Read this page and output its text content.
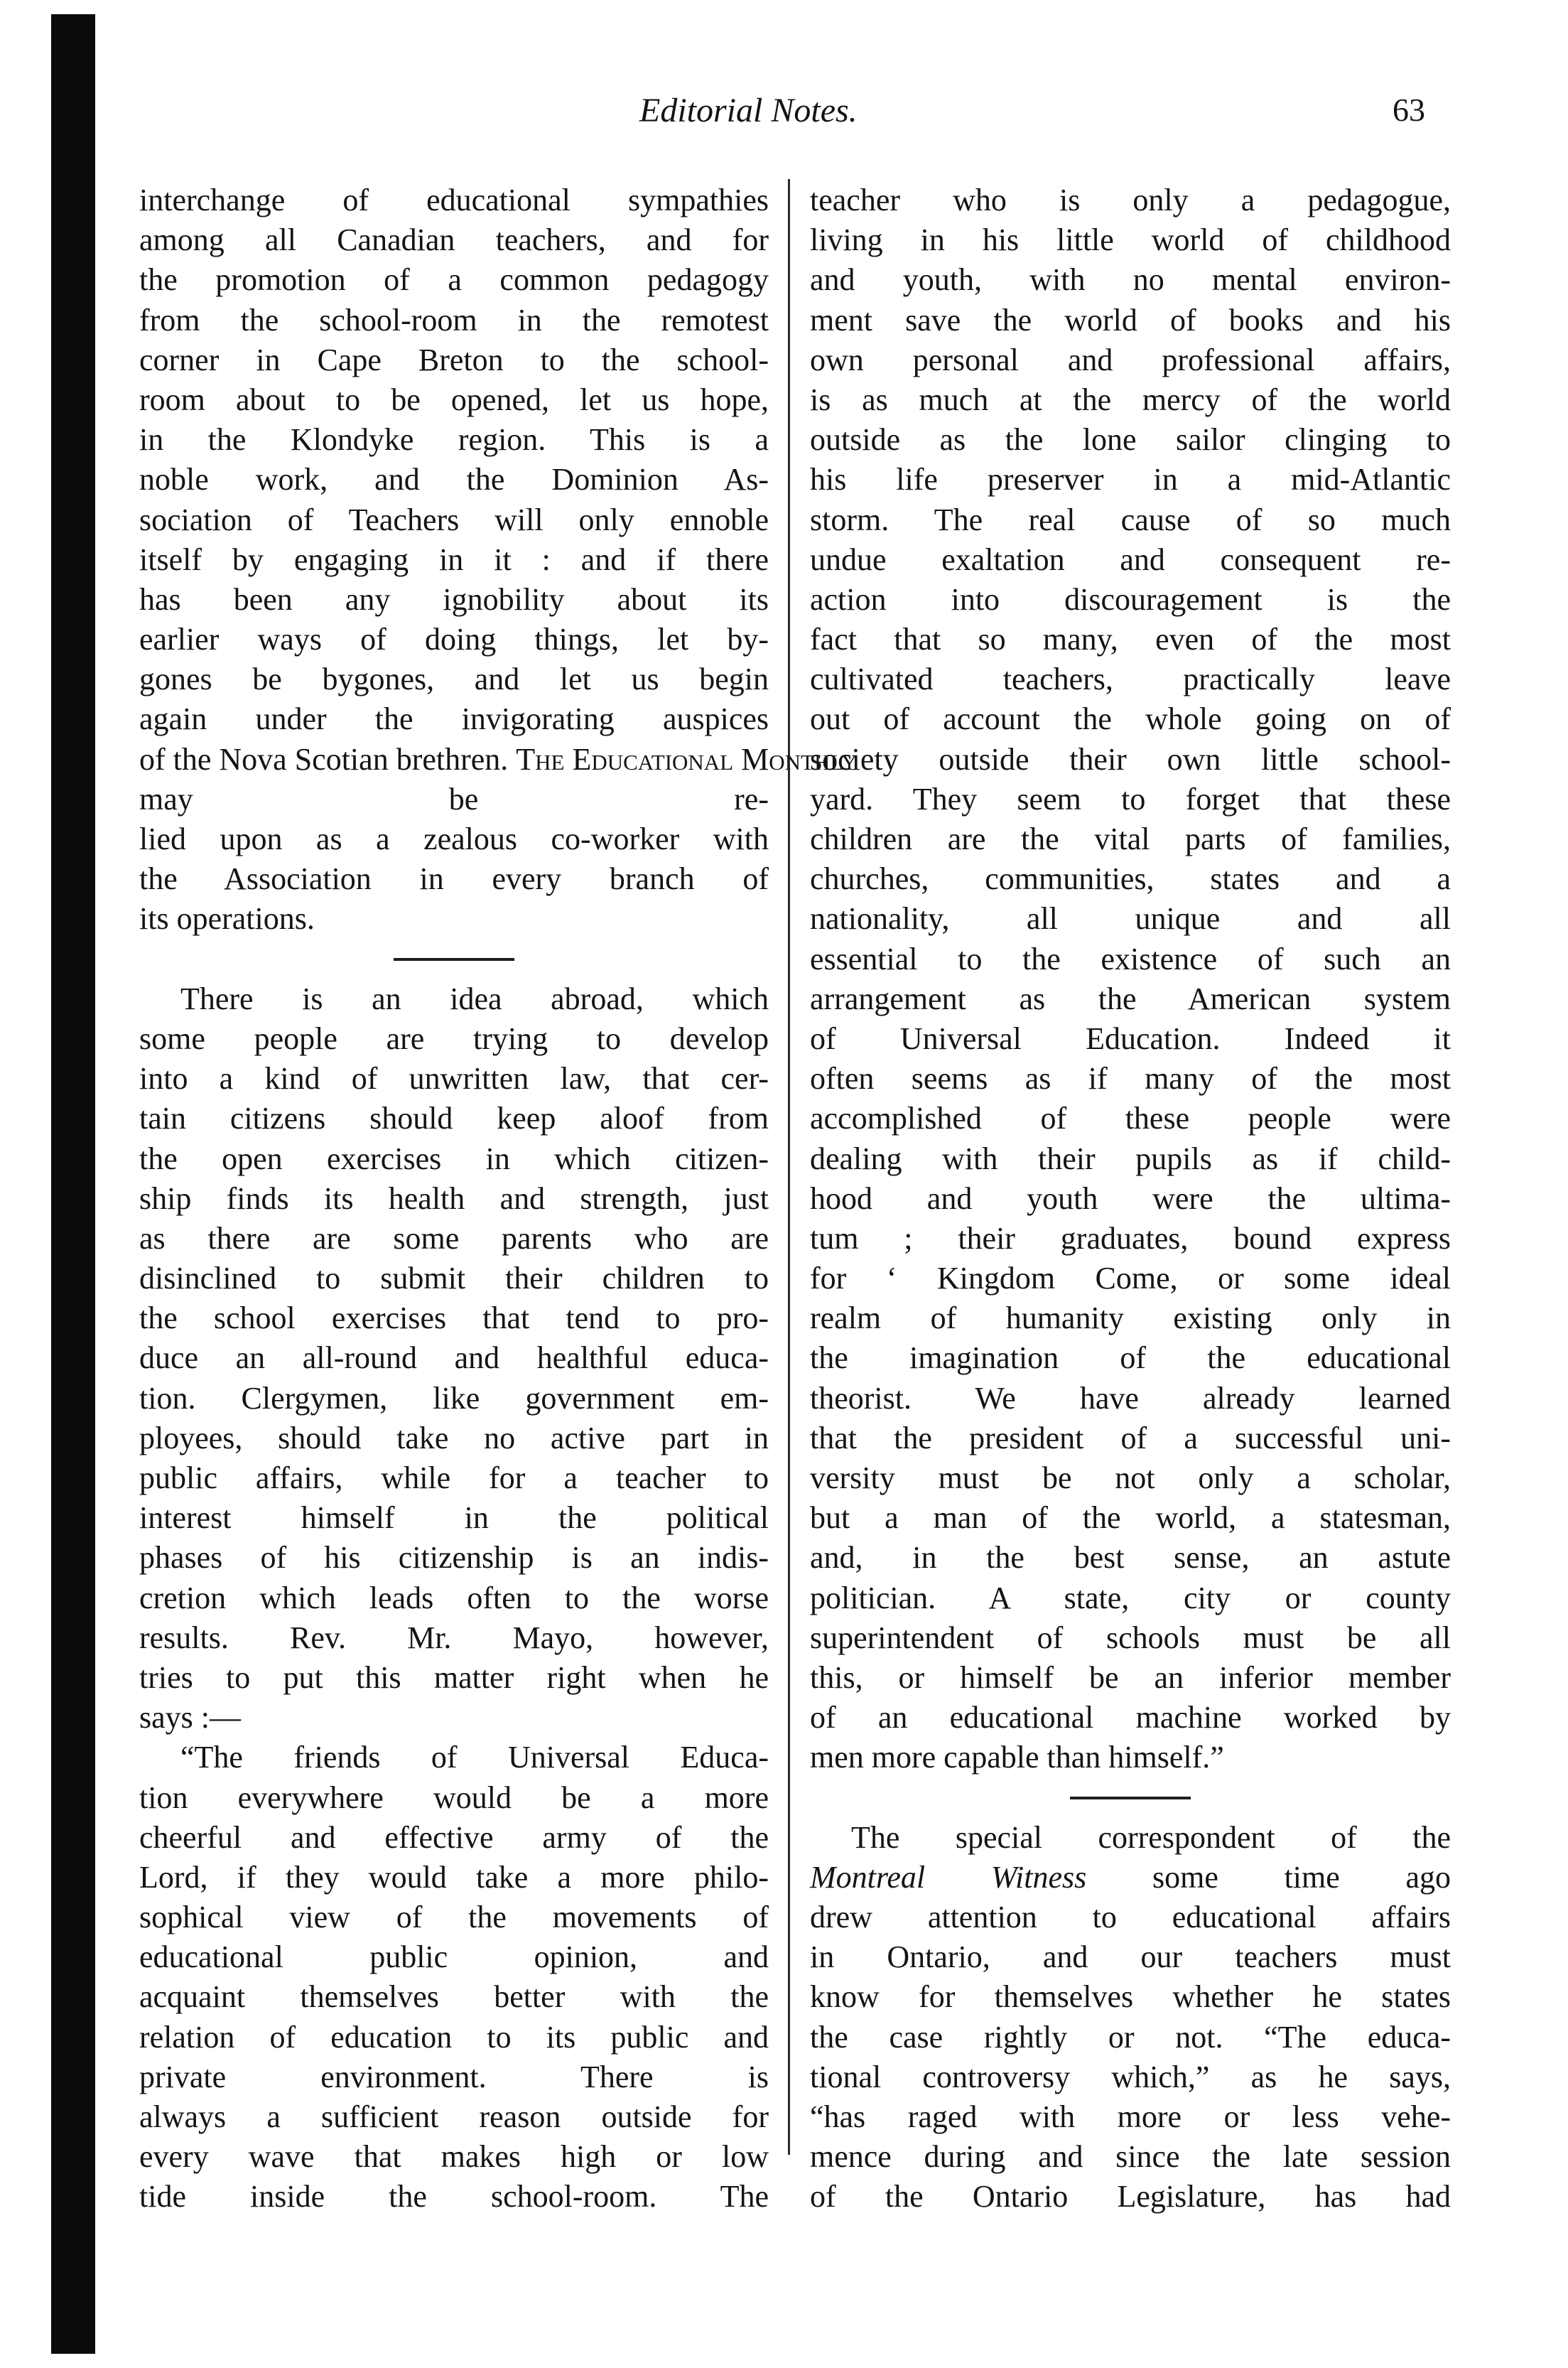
Editorial Notes.	63
interchange of educational sympathies
among all Canadian teachers, and for
the promotion of a common pedagogy
from the school-room in the remotest
corner in Cape Breton to the school-
room about to be opened, let us hope,
in the Klondyke region. This is a
noble work, and the Dominion As-
sociation of Teachers will only ennoble
itself by engaging in it : and if there
has been any ignobility about its
earlier ways of doing things, let by-
gones be bygones, and let us begin
again under the invigorating auspices
of the Nova Scotian brethren. The Educational Monthly
may be re-
lied upon as a zealous co-worker with
the Association in every branch of
its operations.
There is an idea abroad, which
some people are trying to develop
into a kind of unwritten law, that cer-
tain citizens should keep aloof from
the open exercises in which citizen-
ship finds its health and strength, just
as there are some parents who are
disinclined to submit their children to
the school exercises that tend to pro-
duce an all-round and healthful educa-
tion. Clergymen, like government em-
ployees, should take no active part in
public affairs, while for a teacher to
interest himself in the political
phases of his citizenship is an indis-
cretion which leads often to the worse
results. Rev. Mr. Mayo, however,
tries to put this matter right when he
says :—
“The friends of Universal Educa-
tion everywhere would be a more
cheerful and effective army of the
Lord, if they would take a more philo-
sophical view of the movements of
educational public opinion, and
acquaint themselves better with the
relation of education to its public and
private environment. There is
always a sufficient reason outside for
every wave that makes high or low
tide inside the school-room. The
teacher who is only a pedagogue,
living in his little world of childhood
and youth, with no mental environ-
ment save the world of books and his
own personal and professional affairs,
is as much at the mercy of the world
outside as the lone sailor clinging to
his life preserver in a mid-Atlantic
storm. The real cause of so much
undue exaltation and consequent re-
action into discouragement is the
fact that so many, even of the most
cultivated teachers, practically leave
out of account the whole going on of
society outside their own little school-
yard. They seem to forget that these
children are the vital parts of families,
churches, communities, states and a
nationality, all unique and all
essential to the existence of such an
arrangement as the American system
of Universal Education. Indeed it
often seems as if many of the most
accomplished of these people were
dealing with their pupils as if child-
hood and youth were the ultima-
tum ; their graduates, bound express
for ‘ Kingdom Come, or some ideal
realm of humanity existing only in
the imagination of the educational
theorist. We have already learned
that the president of a successful uni-
versity must be not only a scholar,
but a man of the world, a statesman,
and, in the best sense, an astute
politician. A state, city or county
superintendent of schools must be all
this, or himself be an inferior member
of an educational machine worked by
men more capable than himself.”
The special correspondent of the
Montreal Witness some time ago
drew attention to educational affairs
in Ontario, and our teachers must
know for themselves whether he states
the case rightly or not. “The educa-
tional controversy which,” as he says,
“has raged with more or less vehe-
mence during and since the late session
of the Ontario Legislature, has had
